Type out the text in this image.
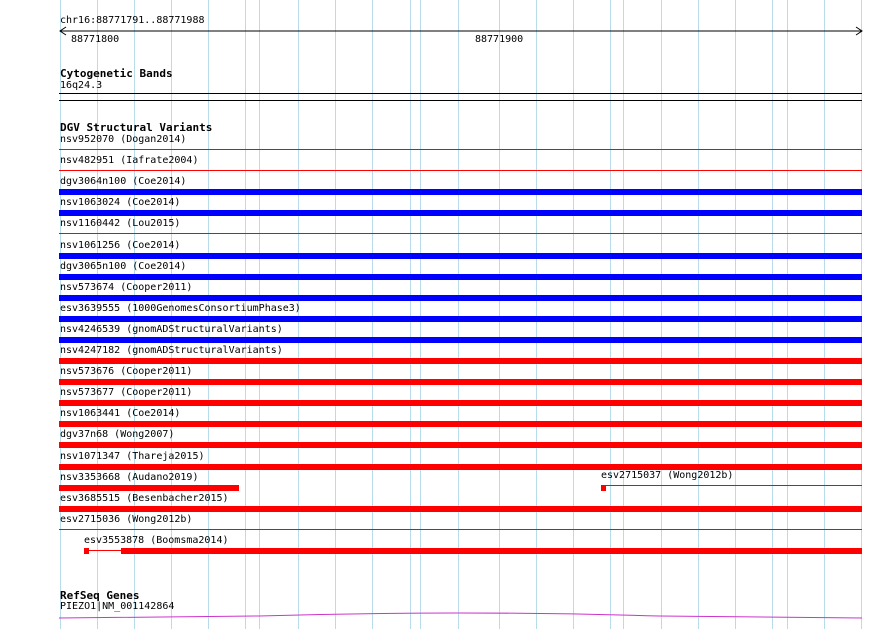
chr16:88771791..88771988
88771800	88771900
Cytogenetic Bands
16q24.3
DGV Structural Variants
nsv952070 (Dogan2014)
nsv482951 (Iafrate2004)
dgv3064n100 (Coe2014)
nsv1063024 (Coe2014)
nsv1160442 (Lou2015)
nsv1061256 (Coe2014)
dgv3065n100 (Coe2014)
nsv573674 (Cooper2011)
esv3639555 (1000GenomesConsortiumPhase3)
nsv4246539 (gnomADStructuralVariants)
nsv4247182 (gnomADStructuralVariants)
nsv573676 (Cooper2011)
nsv573677 (Cooper2011)
nsv1063441 (Coe2014)
dgv37n68 (Wong2007)
nsv1071347 (Thareja2015)
nsv3353668 (Audano2019)
esv3685515 (Besenbacher2015)
esv2715036 (Wong2012b)
esv3553878 (Boomsma2014)
esv2715037 (Wong2012b)
RefSeq Genes
PIEZO1|NM_001142864
